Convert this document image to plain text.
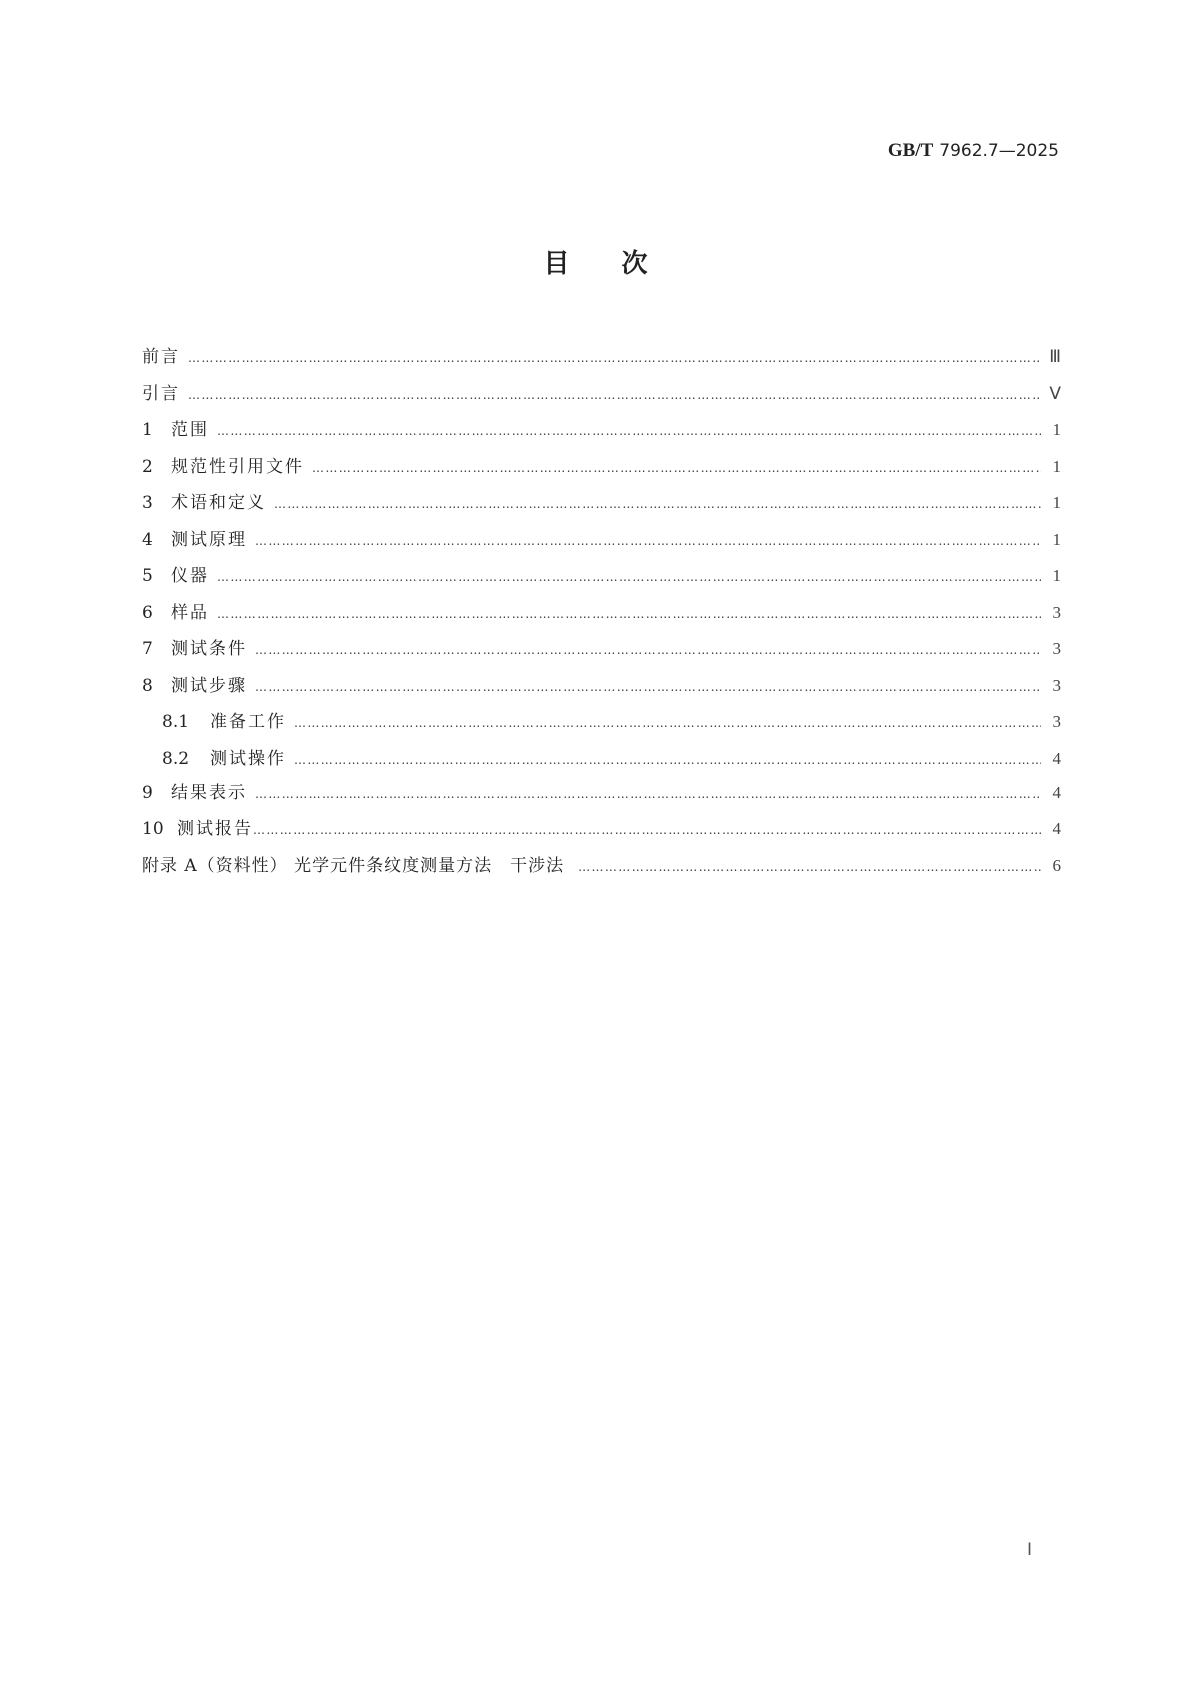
GB/T 7962.7—2025
目次
前言 …………………………………………………………………………………………………………………………………………………………………………………………………………………………………………	Ⅲ
引言 …………………………………………………………………………………………………………………………………………………………………………………………………………………………………………	Ⅴ
1	范围 …………………………………………………………………………………………………………………………………………………………………………………………………………………………………………	1
2	规范性引用文件 …………………………………………………………………………………………………………………………………………………………………………………………………………………………………………	1
3	术语和定义 …………………………………………………………………………………………………………………………………………………………………………………………………………………………………………	1
4	测试原理 …………………………………………………………………………………………………………………………………………………………………………………………………………………………………………	1
5	仪器 …………………………………………………………………………………………………………………………………………………………………………………………………………………………………………	1
6	样品 …………………………………………………………………………………………………………………………………………………………………………………………………………………………………………	3
7	测试条件 …………………………………………………………………………………………………………………………………………………………………………………………………………………………………………	3
8	测试步骤 …………………………………………………………………………………………………………………………………………………………………………………………………………………………………………	3
8.1	准备工作 …………………………………………………………………………………………………………………………………………………………………………………………………………………………………………	3
8.2	测试操作 …………………………………………………………………………………………………………………………………………………………………………………………………………………………………………	4
9	结果表示 …………………………………………………………………………………………………………………………………………………………………………………………………………………………………………	4
10 测试报告 …………………………………………………………………………………………………………………………………………………………………………………………………………………………………………	4
附录 A（资料性） 光学元件条纹度测量方法　干涉法 …………………………………………………………………………………………………………………………………………………………………………………………………………………………………………	6
Ⅰ
